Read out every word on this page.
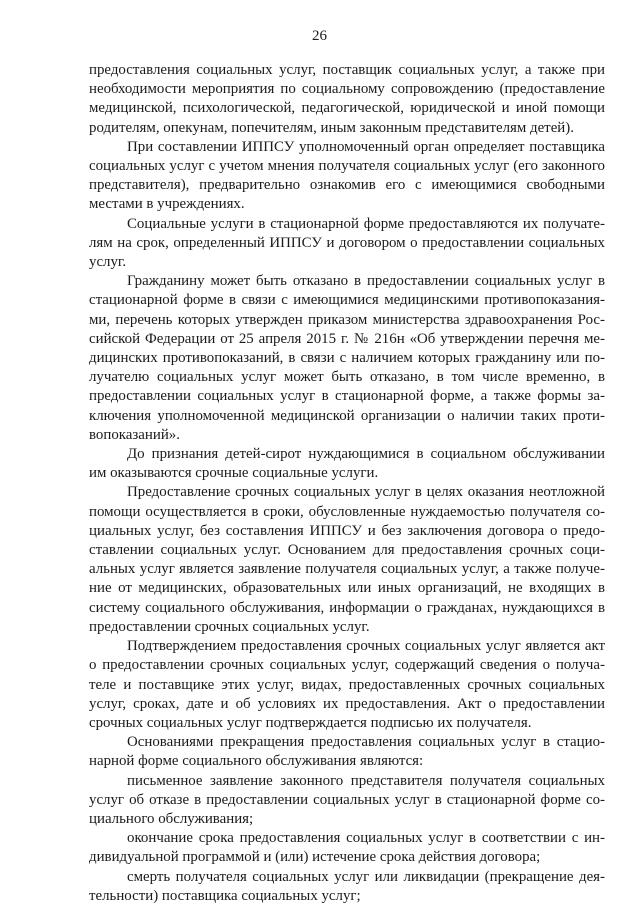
26

предоставления социальных услуг, поставщик социальных услуг, а также при необходимости мероприятия по социальному сопровождению (предоставление медицинской, психологической, педагогической, юридической и иной помощи родителям, опекунам, попечителям, иным законным представителям детей).

При составлении ИППСУ уполномоченный орган определяет поставщика социальных услуг с учетом мнения получателя социальных услуг (его законного представителя), предварительно ознакомив его с имеющимися свободными местами в учреждениях.

Социальные услуги в стационарной форме предоставляются их получателям на срок, определенный ИППСУ и договором о предоставлении социальных услуг.

Гражданину может быть отказано в предоставлении социальных услуг в стационарной форме в связи с имеющимися медицинскими противопоказаниями, перечень которых утвержден приказом министерства здравоохранения Российской Федерации от 25 апреля 2015 г. № 216н «Об утверждении перечня медицинских противопоказаний, в связи с наличием которых гражданину или получателю социальных услуг может быть отказано, в том числе временно, в предоставлении социальных услуг в стационарной форме, а также формы заключения уполномоченной медицинской организации о наличии таких противопоказаний».

До признания детей-сирот нуждающимися в социальном обслуживании им оказываются срочные социальные услуги.

Предоставление срочных социальных услуг в целях оказания неотложной помощи осуществляется в сроки, обусловленные нуждаемостью получателя социальных услуг, без составления ИППСУ и без заключения договора о предоставлении социальных услуг. Основанием для предоставления срочных социальных услуг является заявление получателя социальных услуг, а также получение от медицинских, образовательных или иных организаций, не входящих в систему социального обслуживания, информации о гражданах, нуждающихся в предоставлении срочных социальных услуг.

Подтверждением предоставления срочных социальных услуг является акт о предоставлении срочных социальных услуг, содержащий сведения о получателе и поставщике этих услуг, видах, предоставленных срочных социальных услуг, сроках, дате и об условиях их предоставления. Акт о предоставлении срочных социальных услуг подтверждается подписью их получателя.

Основаниями прекращения предоставления социальных услуг в стационарной форме социального обслуживания являются:

письменное заявление законного представителя получателя социальных услуг об отказе в предоставлении социальных услуг в стационарной форме социального обслуживания;

окончание срока предоставления социальных услуг в соответствии с индивидуальной программой и (или) истечение срока действия договора;

смерть получателя социальных услуг или ликвидации (прекращение деятельности) поставщика социальных услуг;
